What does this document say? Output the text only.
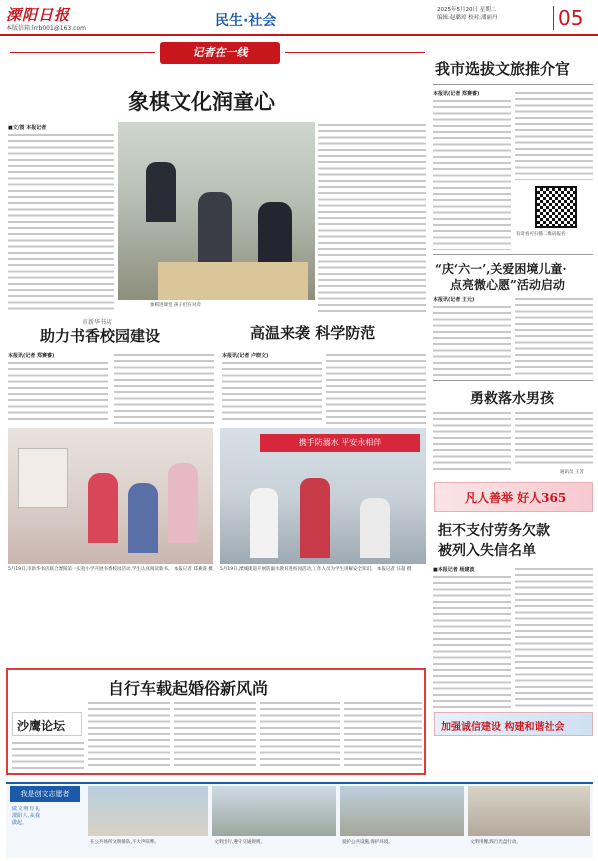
溧阳日报
本版信箱:lrrb001@163.com	民生·社会
2025年5月20日 星期二
编辑:赵璐琼 校对:潘丽丹	05
记者在一线
象棋文化润童心
■文/图 本报记者
象棋进课堂 孩子们在对弈
市新华书店
助力书香校园建设
本报讯(记者 郑赛睿)
高温来袭 科学防范
本报讯(记者 卢晓文)
携手防溺水 平安永相伴
5月19日,市新华书店联合溧阳第一实验小学开展书香校园活动,学生认真阅读新书。 本报记者 郑赛睿 摄 5月19日,溧城街道开展防溺水教育进校园活动,工作人员为学生讲解安全知识。 本报记者 汪超 摄
我市选拔文旅推介官
本报讯(记者 郑赛睿)
有奇看可扫描二维码报名
“庆‘六一’,关爱困境儿童·
点亮微心愿”活动启动
本报讯(记者 王元)
勇救落水男孩
通讯员 王芳
凡人善举 好人365
拒不支付劳务欠款
被列入失信名单
■本报记者 杨建波
加强诚信建设 构建和谐社会
自行车载起婚俗新风尚
沙鹰论坛
我是创文志愿者
做文明有礼溧阳人,从我做起。
在公共场所文明排队,不大声喧哗。	文明出行,遵守交通规则。	爱护公共设施,保护环境。	文明用餐,践行光盘行动。
